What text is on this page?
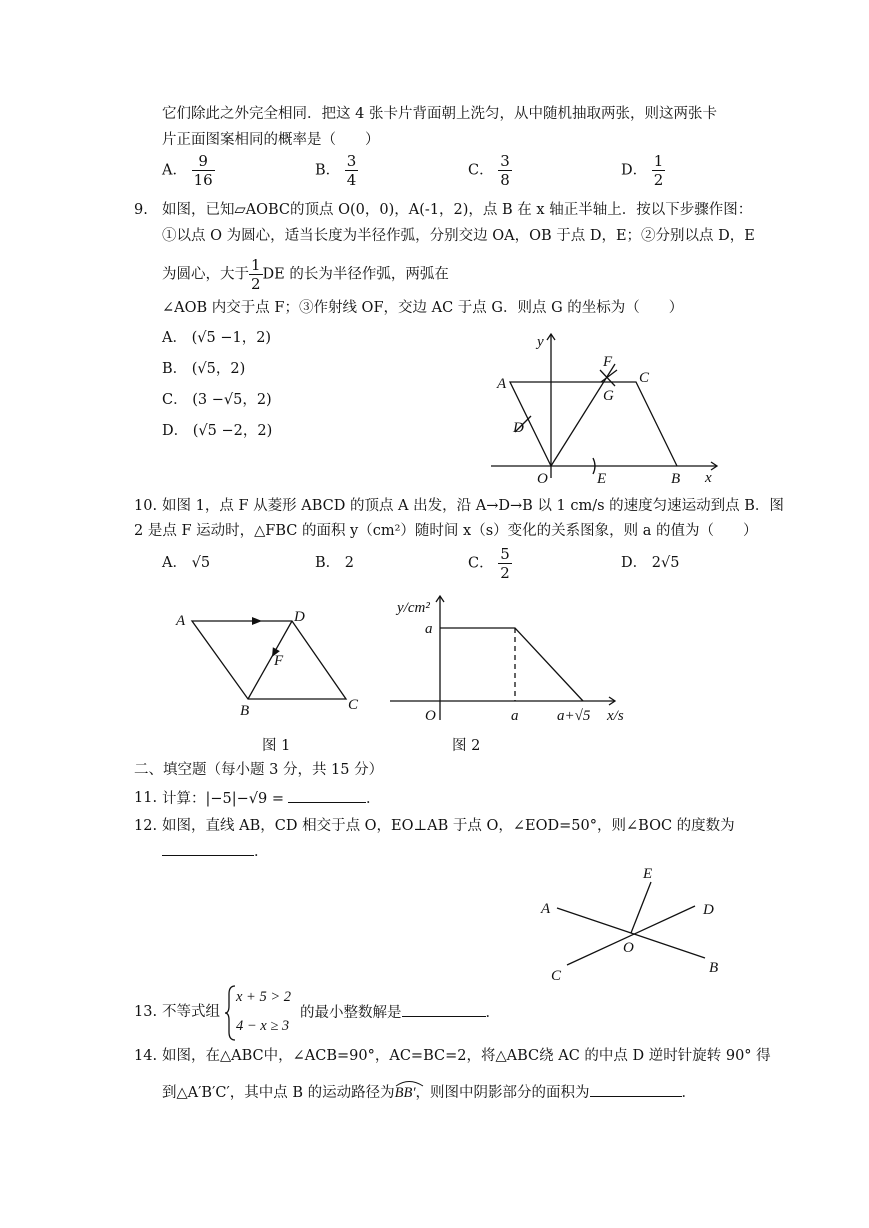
它们除此之外完全相同．把这 4 张卡片背面朝上洗匀，从中随机抽取两张，则这两张卡
片正面图案相同的概率是（　　）
A． $\frac{9}{16}$	B． $\frac{3}{4}$	C． $\frac{3}{8}$	D． $\frac{1}{2}$
9. 如图，已知▱AOBC的顶点 O(0，0)，A(-1，2)，点 B 在 x 轴正半轴上．按以下步骤作图：
①以点 O 为圆心，适当长度为半径作弧，分别交边 OA，OB 于点 D，E；②分别以点 D，E
为圆心，大于 $\frac{1}{2}$ DE 的长为半径作弧，两弧在
∠AOB 内交于点 F；③作射线 OF，交边 AC 于点 G．则点 G 的坐标为（　　）
A． (√5 −1，2)
B． (√5，2)
C． (3 −√5，2)
D． (√5 −2，2)
y
x
A	C
F
G
D
O	E	B
10. 如图 1，点 F 从菱形 ABCD 的顶点 A 出发，沿 A→D→B 以 1 cm/s 的速度匀速运动到点 B．图
2 是点 F 运动时，△FBC 的面积 y（cm²）随时间 x（s）变化的关系图象，则 a 的值为（　　）
A． √5	B． 2	C． $\frac{5}{2}$	D． 2√5
A	D
F
B	C
y/cm²
a
O	a	a+√5 x/s
图 1	图 2
二、填空题（每小题 3 分，共 15 分）
11. 计算：|−5|−√9 =	．
12. 如图，直线 AB，CD 相交于点 O，EO⊥AB 于点 O，∠EOD=50°，则∠BOC 的度数为
．
E
A	D
O
C	B
13. 不等式组
x + 5 > 2
4 − x ≥ 3
的最小整数解是	．
14. 如图，在△ABC中，∠ACB=90°，AC=BC=2，将△ABC绕 AC 的中点 D 逆时针旋转 90° 得
到△A′B′C′，其中点 B 的运动路径为
BB′，则图中阴影部分的面积为	．
